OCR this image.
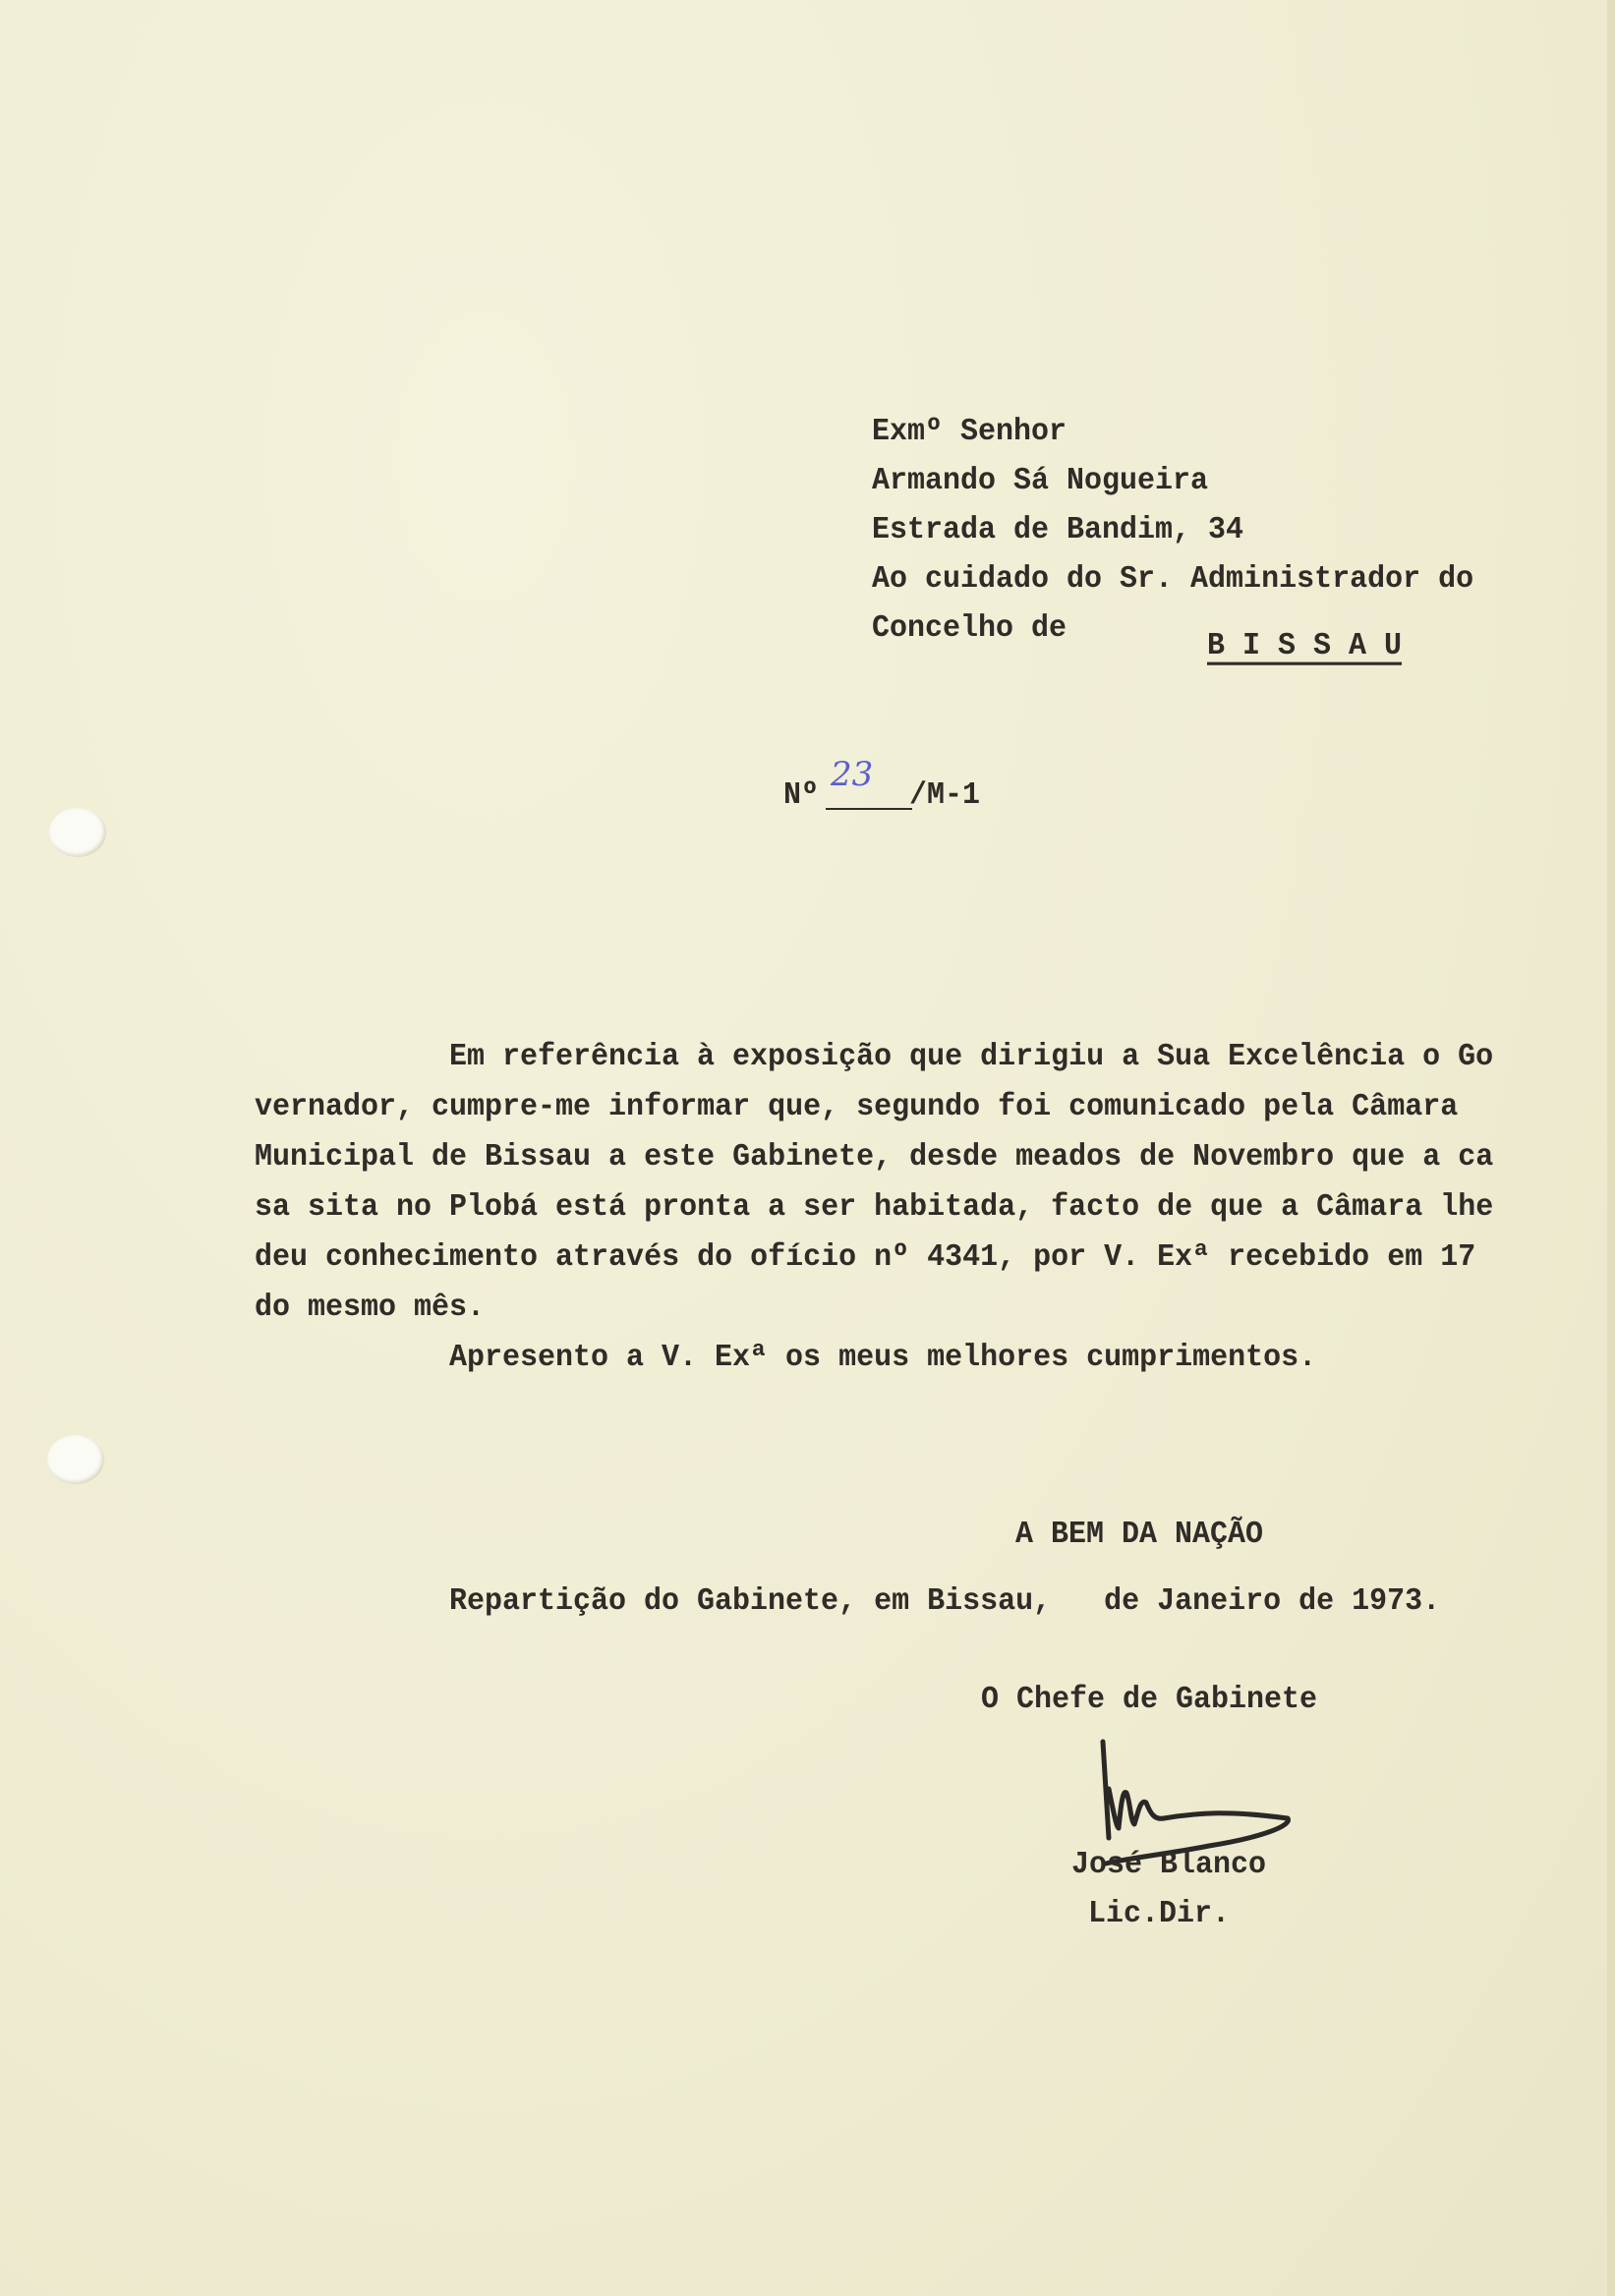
Exmº Senhor
Armando Sá Nogueira
Estrada de Bandim, 34
Ao cuidado do Sr. Administrador do
Concelho de
B I S S A U
Nº
23
/M-1
Em referência à exposição que dirigiu a Sua Excelência o Go
vernador, cumpre-me informar que, segundo foi comunicado pela Câmara
Municipal de Bissau a este Gabinete, desde meados de Novembro que a ca
sa sita no Plobá está pronta a ser habitada, facto de que a Câmara lhe
deu conhecimento através do ofício nº 4341, por V. Exª recebido em 17
do mesmo mês.
Apresento a V. Exª os meus melhores cumprimentos.
A BEM DA NAÇÃO
Repartição do Gabinete, em Bissau,   de Janeiro de 1973.
O Chefe de Gabinete
José Blanco
Lic.Dir.
